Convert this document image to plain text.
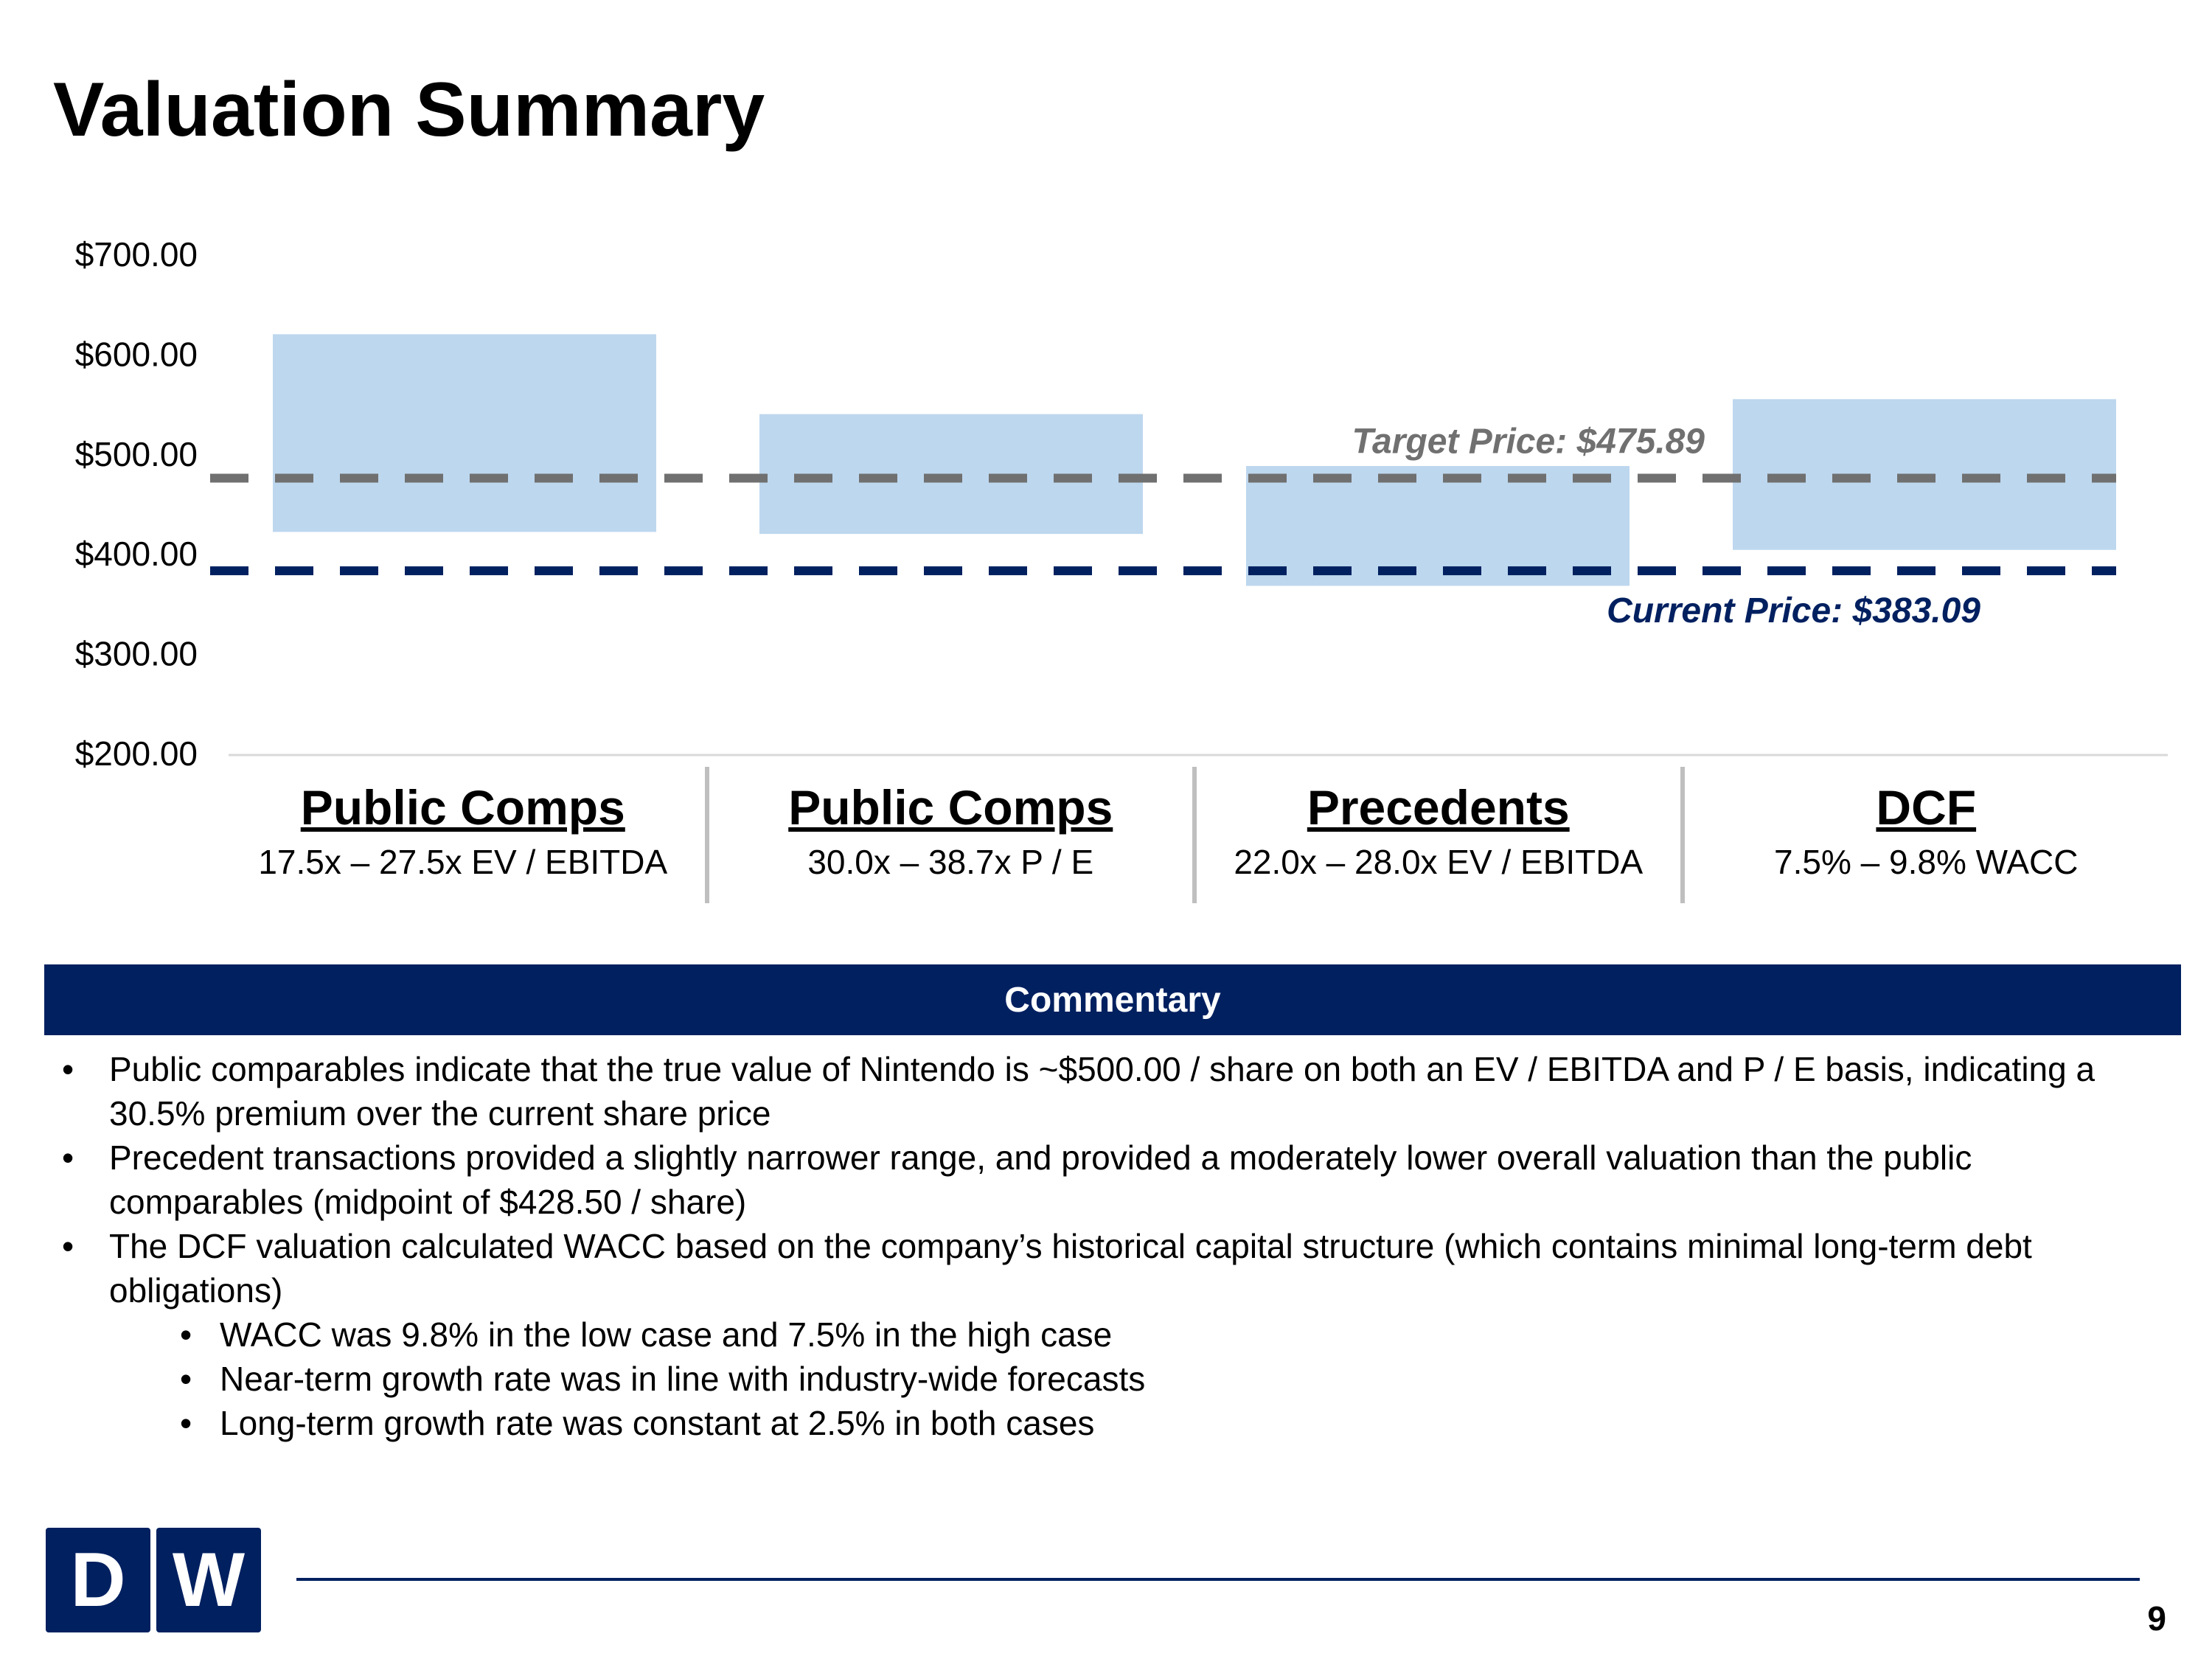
Valuation Summary
$200.00
$300.00
$400.00
$500.00
$600.00
$700.00
Target Price: $475.89
Current Price: $383.09
Public Comps
17.5x – 27.5x EV / EBITDA
Public Comps
30.0x – 38.7x P / E
Precedents
22.0x – 28.0x EV / EBITDA
DCF
7.5% – 9.8% WACC
Commentary
• Public comparables indicate that the true value of Nintendo is ~$500.00 / share on both an EV / EBITDA and P / E basis, indicating a 30.5% premium over the current share price
• Precedent transactions provided a slightly narrower range, and provided a moderately lower overall valuation than the public comparables (midpoint of $428.50 / share)
• The DCF valuation calculated WACC based on the company’s historical capital structure (which contains minimal long-term debt obligations)
• WACC was 9.8% in the low case and 7.5% in the high case
• Near-term growth rate was in line with industry-wide forecasts
• Long-term growth rate was constant at 2.5% in both cases
D W	9
